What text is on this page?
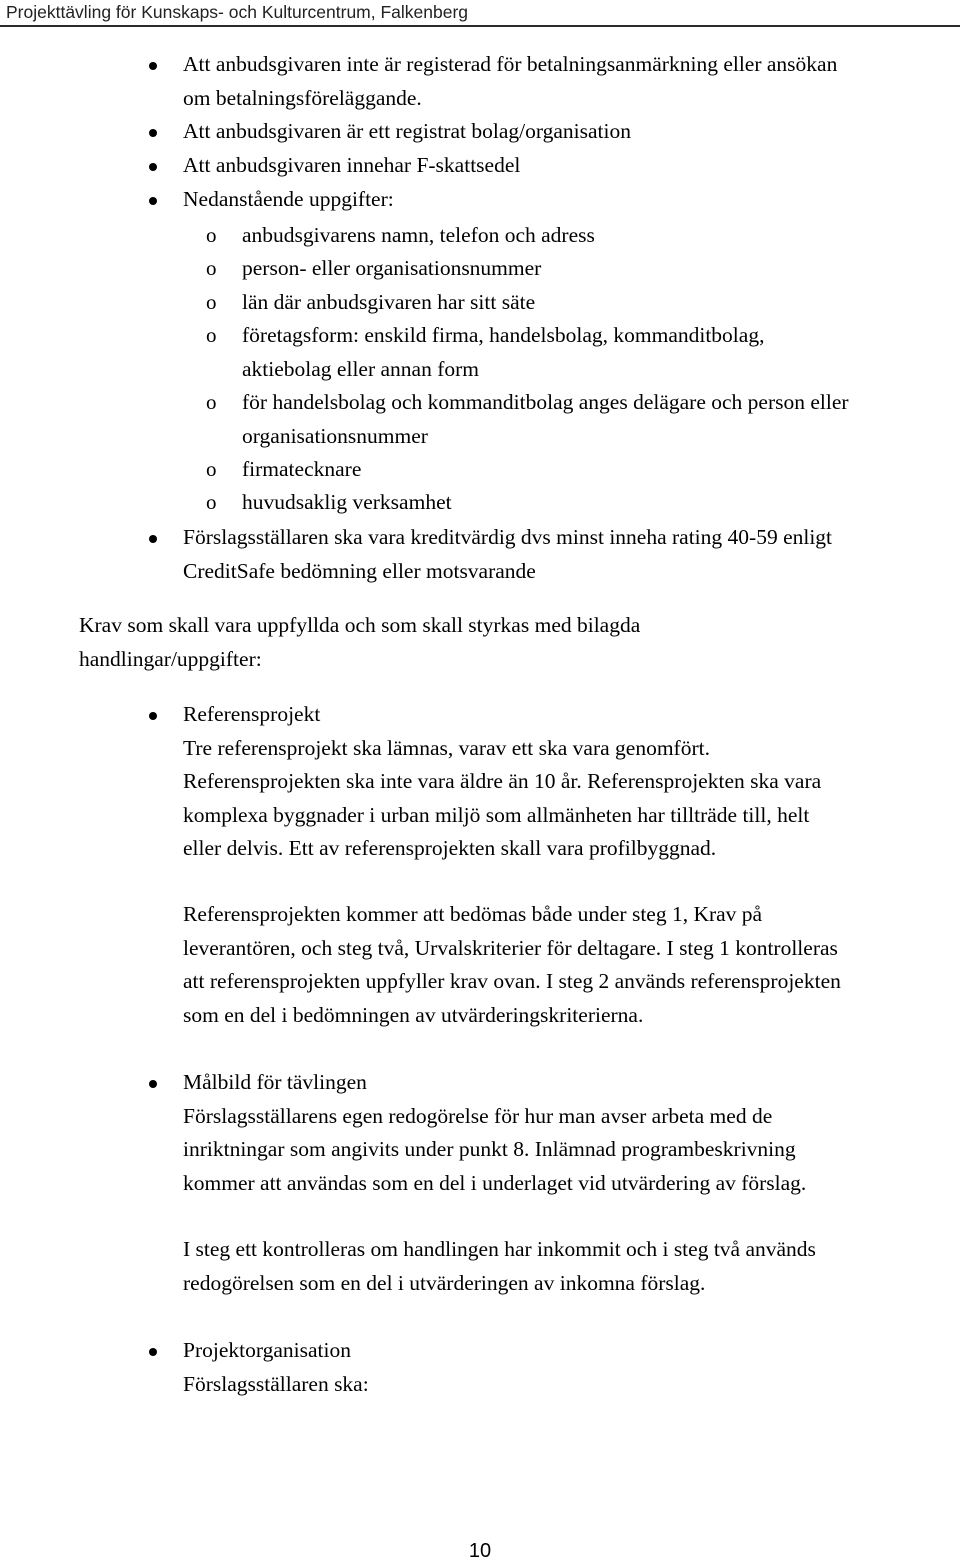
Projekttävling för Kunskaps- och Kulturcentrum, Falkenberg
Att anbudsgivaren inte är registerad för betalningsanmärkning eller ansökan
om betalningsföreläggande.
Att anbudsgivaren är ett registrat bolag/organisation
Att anbudsgivaren innehar F-skattsedel
Nedanstående uppgifter:
o anbudsgivarens namn, telefon och adress
o person- eller organisationsnummer
o län där anbudsgivaren har sitt säte
o företagsform: enskild firma, handelsbolag, kommanditbolag,
aktiebolag eller annan form
o för handelsbolag och kommanditbolag anges delägare och person eller
organisationsnummer
o firmatecknare
o huvudsaklig verksamhet
Förslagsställaren ska vara kreditvärdig dvs minst inneha rating 40-59 enligt
CreditSafe bedömning eller motsvarande
Krav som skall vara uppfyllda och som skall styrkas med bilagda
handlingar/uppgifter:
Referensprojekt
Tre referensprojekt ska lämnas, varav ett ska vara genomfört.
Referensprojekten ska inte vara äldre än 10 år. Referensprojekten ska vara
komplexa byggnader i urban miljö som allmänheten har tillträde till, helt
eller delvis. Ett av referensprojekten skall vara profilbyggnad.
Referensprojekten kommer att bedömas både under steg 1, Krav på
leverantören, och steg två, Urvalskriterier för deltagare. I steg 1 kontrolleras
att referensprojekten uppfyller krav ovan. I steg 2 används referensprojekten
som en del i bedömningen av utvärderingskriterierna.
Målbild för tävlingen
Förslagsställarens egen redogörelse för hur man avser arbeta med de
inriktningar som angivits under punkt 8. Inlämnad programbeskrivning
kommer att användas som en del i underlaget vid utvärdering av förslag.
I steg ett kontrolleras om handlingen har inkommit och i steg två används
redogörelsen som en del i utvärderingen av inkomna förslag.
Projektorganisation
Förslagsställaren ska:
10
